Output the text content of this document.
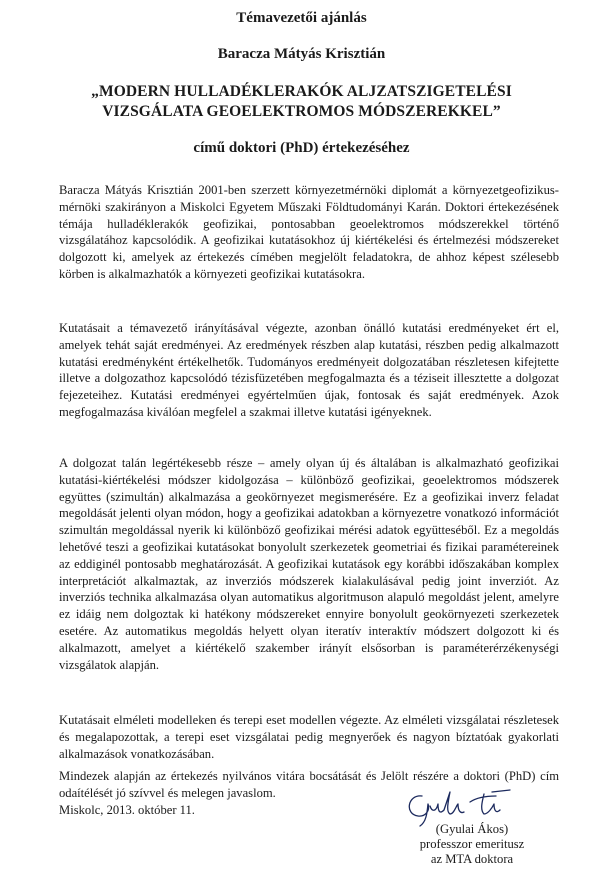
Témavezetői ajánlás
Baracza Mátyás Krisztián
„MODERN HULLADÉKLERAKÓK ALJZATSZIGETELÉSI
VIZSGÁLATA GEOELEKTROMOS MÓDSZEREKKEL”
című doktori (PhD) értekezéséhez

Baracza Mátyás Krisztián 2001-ben szerzett környezetmérnöki diplomát a környezetgeofizikus-mérnöki szakirányon a Miskolci Egyetem Műszaki Földtudományi Karán. Doktori értekezésének témája hulladéklerakók geofizikai, pontosabban geoelektromos módszerekkel történő vizsgálatához kapcsolódik. A geofizikai kutatásokhoz új kiértékelési és értelmezési módszereket dolgozott ki, amelyek az értekezés címében megjelölt feladatokra, de ahhoz képest szélesebb körben is alkalmazhatók a környezeti geofizikai kutatásokra.

Kutatásait a témavezető irányításával végezte, azonban önálló kutatási eredményeket ért el, amelyek tehát saját eredményei. Az eredmények részben alap kutatási, részben pedig alkalmazott kutatási eredményként értékelhetők. Tudományos eredményeit dolgozatában részletesen kifejtette illetve a dolgozathoz kapcsolódó tézisfüzetében megfogalmazta és a téziseit illesztette a dolgozat fejezeteihez. Kutatási eredményei egyértelműen újak, fontosak és saját eredmények. Azok megfogalmazása kiválóan megfelel a szakmai illetve kutatási igényeknek.

A dolgozat talán legértékesebb része – amely olyan új és általában is alkalmazható geofizikai kutatási-kiértékelési módszer kidolgozása – különböző geofizikai, geoelektromos módszerek együttes (szimultán) alkalmazása a geokörnyezet megismerésére. Ez a geofizikai inverz feladat megoldását jelenti olyan módon, hogy a geofizikai adatokban a környezetre vonatkozó információt szimultán megoldással nyerik ki különböző geofizikai mérési adatok együtteséből. Ez a megoldás lehetővé teszi a geofizikai kutatásokat bonyolult szerkezetek geometriai és fizikai paramétereinek az eddiginél pontosabb meghatározását. A geofizikai kutatások egy korábbi időszakában komplex interpretációt alkalmaztak, az inverziós módszerek kialakulásával pedig joint inverziót. Az inverziós technika alkalmazása olyan automatikus algoritmuson alapuló megoldást jelent, amelyre ez idáig nem dolgoztak ki hatékony módszereket ennyire bonyolult geokörnyezeti szerkezetek esetére. Az automatikus megoldás helyett olyan iteratív interaktív módszert dolgozott ki és alkalmazott, amelyet a kiértékelő szakember irányít elsősorban is paraméterérzékenységi vizsgálatok alapján.

Kutatásait elméleti modelleken és terepi eset modellen végezte. Az elméleti vizsgálatai részletesek és megalapozottak, a terepi eset vizsgálatai pedig megnyerőek és nagyon bíztatóak gyakorlati alkalmazások vonatkozásában.

Mindezek alapján az értekezés nyilvános vitára bocsátását és Jelölt részére a doktori (PhD) cím odaítélését jó szívvel és melegen javaslom.

Miskolc, 2013. október 11.
(Gyulai Ákos)
professzor emeritusz
az MTA doktora
